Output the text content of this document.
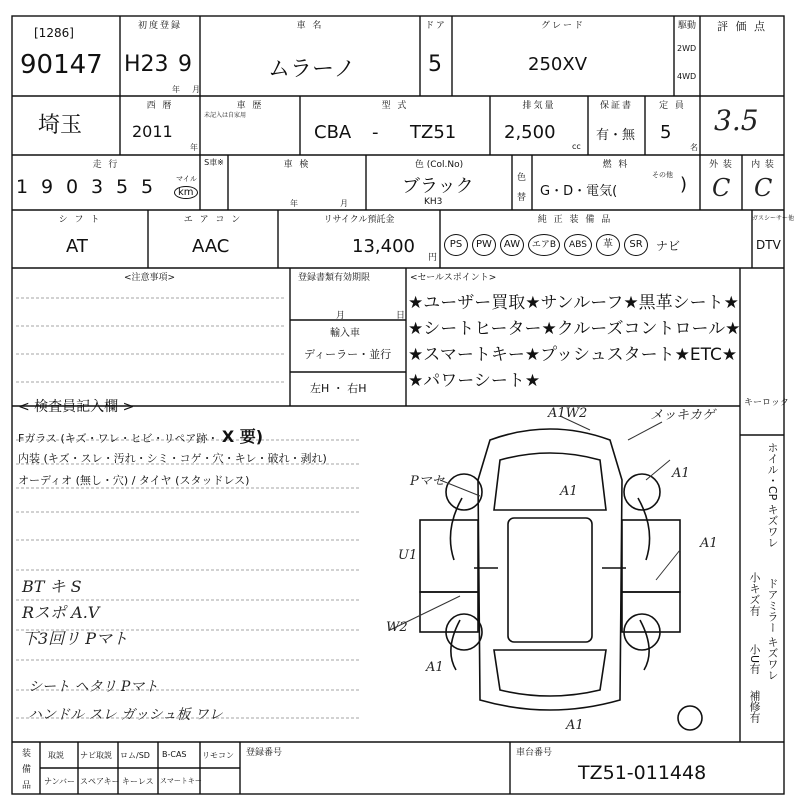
[1286]
90147
初度登録
H23 9
年 月
車 名
ムラーノ
ドア
5
グレード
250XV
駆動
2WD
4WD
評 価 点
3.5
埼玉
西 暦
2011
年
車 歴
未記入は自家用
型 式
CBA - TZ51
排気量
2,500
cc
保証書
有・無
定 員
5
名
走 行
1 9 0 3 5 5	マイル
km
S車※	車 検
年	月
色 (Col.No)
ブラック
KH3
色
替
燃 料
その他
G・D・電気(	)
外 装
C
内 装
C
シ フ ト
AT
エ ア コ ン
AAC
リサイクル預託金
13,400
円
純 正 装 備 品	ガスシーサー他
PS	PW	AW	エアB	ABS	革	SR	ナビ	DTV
<注意事項>	登録書類有効期限
月	日
輸入車
ディーラー・並行
左H ・ 右H
<セールスポイント>
★ユーザー買取★サンルーフ★黒革シート★
★シートヒーター★クルーズコントロール★
★スマートキー★プッシュスタート★ETC★
★パワーシート★
< 検査員記入欄 >
Fガラス (キズ・ワレ・ヒビ・リペア跡・ X 要)
内装 (キズ・スレ・汚れ・シミ・コゲ・穴・キレ・破れ・剥れ)
オーディオ (無し・穴) / タイヤ (スタッドレス)
BT キ S
Rスポ A.V
下3回リ Pマト
シート ヘタリ Pマト
ハンドル スレ ガッシュ板 ワレ
A1W2	メッキカゲ
Pマセ
A1
A1
U1
A1
W2
A1
A1
キーロック
ホイル・CP キズワレ
小キズ有 ドアミラー キズワレ
小U有
補修有
装
備
品
取説 ナビ取説 ロム/SD B-CAS リモコン
ナンバー スペアキー キーレス スマートキー
登録番号	車台番号
TZ51-011448
